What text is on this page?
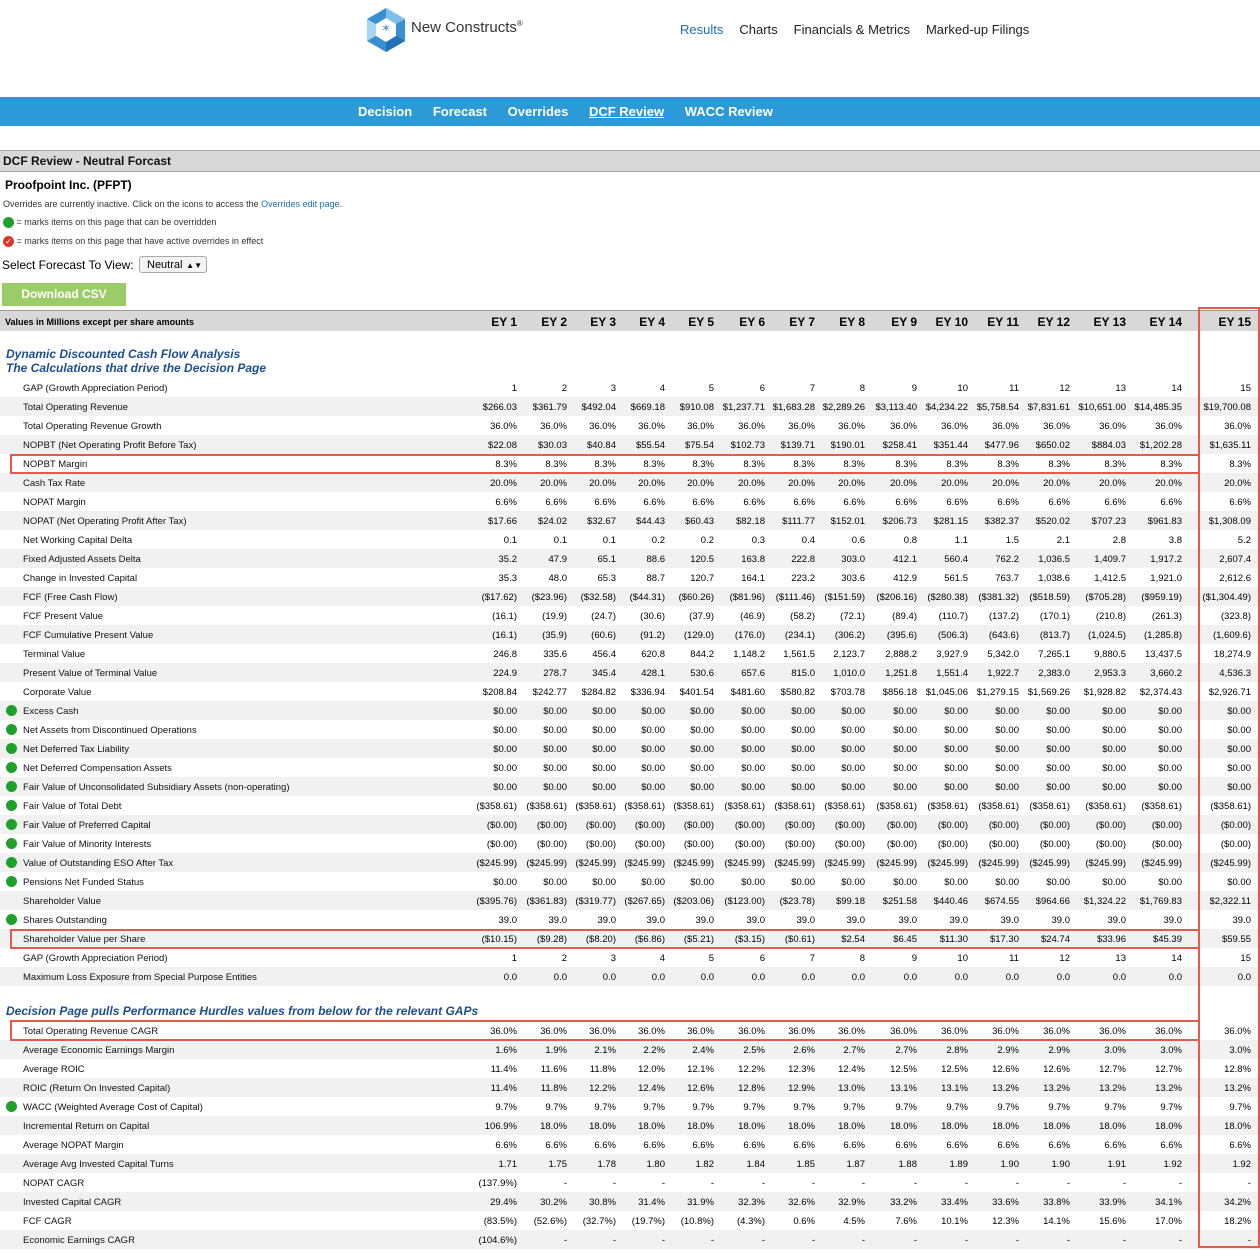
* New Constructs®	Results Charts Financials & Metrics Marked-up Filings
Decision Forecast Overrides DCF Review WACC Review
DCF Review - Neutral Forcast
Proofpoint Inc. (PFPT)
Overrides are currently inactive. Click on the icons to access the Overrides edit page.
= marks items on this page that can be overridden
✓ = marks items on this page that have active overrides in effect
Select Forecast To View:	Neutral ▲▼
Download CSV
Values in Millions except per share amounts	EY 1	EY 2	EY 3	EY 4	EY 5	EY 6	EY 7	EY 8	EY 9	EY 10	EY 11	EY 12	EY 13	EY 14	EY 15
Dynamic Discounted Cash Flow Analysis
The Calculations that drive the Decision Page
Decision Page pulls Performance Hurdles values from below for the relevant GAPs
GAP (Growth Appreciation Period)	1	2	3	4	5	6	7	8	9	10	11	12	13	14	15
Total Operating Revenue	$266.03	$361.79	$492.04	$669.18	$910.08 $1,237.71 $1,683.28 $2,289.26	$3,113.40 $4,234.22 $5,758.54 $7,831.61 $10,651.00 $14,485.35	$19,700.08
Total Operating Revenue Growth	36.0%	36.0%	36.0%	36.0%	36.0%	36.0%	36.0%	36.0%	36.0%	36.0%	36.0%	36.0%	36.0%	36.0%	36.0%
NOPBT (Net Operating Profit Before Tax)	$22.08	$30.03	$40.84	$55.54	$75.54	$102.73	$139.71	$190.01	$258.41	$351.44	$477.96	$650.02	$884.03	$1,202.28	$1,635.11
NOPBT Margin	8.3%	8.3%	8.3%	8.3%	8.3%	8.3%	8.3%	8.3%	8.3%	8.3%	8.3%	8.3%	8.3%	8.3%	8.3%
Cash Tax Rate	20.0%	20.0%	20.0%	20.0%	20.0%	20.0%	20.0%	20.0%	20.0%	20.0%	20.0%	20.0%	20.0%	20.0%	20.0%
NOPAT Margin	6.6%	6.6%	6.6%	6.6%	6.6%	6.6%	6.6%	6.6%	6.6%	6.6%	6.6%	6.6%	6.6%	6.6%	6.6%
NOPAT (Net Operating Profit After Tax)	$17.66	$24.02	$32.67	$44.43	$60.43	$82.18	$111.77	$152.01	$206.73	$281.15	$382.37	$520.02	$707.23	$961.83	$1,308.09
Net Working Capital Delta	0.1	0.1	0.1	0.2	0.2	0.3	0.4	0.6	0.8	1.1	1.5	2.1	2.8	3.8	5.2
Fixed Adjusted Assets Delta	35.2	47.9	65.1	88.6	120.5	163.8	222.8	303.0	412.1	560.4	762.2	1,036.5	1,409.7	1,917.2	2,607.4
Change in Invested Capital	35.3	48.0	65.3	88.7	120.7	164.1	223.2	303.6	412.9	561.5	763.7	1,038.6	1,412.5	1,921.0	2,612.6
FCF (Free Cash Flow)	($17.62)	($23.96)	($32.58)	($44.31)	($60.26)	($81.96)	($111.46) ($151.59)	($206.16)	($280.38)	($381.32)	($518.59)	($705.28)	($959.19)	($1,304.49)
FCF Present Value	(16.1)	(19.9)	(24.7)	(30.6)	(37.9)	(46.9)	(58.2)	(72.1)	(89.4)	(110.7)	(137.2)	(170.1)	(210.8)	(261.3)	(323.8)
FCF Cumulative Present Value	(16.1)	(35.9)	(60.6)	(91.2)	(129.0)	(176.0)	(234.1)	(306.2)	(395.6)	(506.3)	(643.6)	(813.7)	(1,024.5)	(1,285.8)	(1,609.6)
Terminal Value	246.8	335.6	456.4	620.8	844.2	1,148.2	1,561.5	2,123.7	2,888.2	3,927.9	5,342.0	7,265.1	9,880.5	13,437.5	18,274.9
Present Value of Terminal Value	224.9	278.7	345.4	428.1	530.6	657.6	815.0	1,010.0	1,251.8	1,551.4	1,922.7	2,383.0	2,953.3	3,660.2	4,536.3
Corporate Value	$208.84	$242.77	$284.82	$336.94	$401.54	$481.60	$580.82	$703.78	$856.18 $1,045.06 $1,279.15 $1,569.26	$1,928.82	$2,374.43	$2,926.71
Excess Cash	$0.00	$0.00	$0.00	$0.00	$0.00	$0.00	$0.00	$0.00	$0.00	$0.00	$0.00	$0.00	$0.00	$0.00	$0.00
Net Assets from Discontinued Operations	$0.00	$0.00	$0.00	$0.00	$0.00	$0.00	$0.00	$0.00	$0.00	$0.00	$0.00	$0.00	$0.00	$0.00	$0.00
Net Deferred Tax Liability	$0.00	$0.00	$0.00	$0.00	$0.00	$0.00	$0.00	$0.00	$0.00	$0.00	$0.00	$0.00	$0.00	$0.00	$0.00
Net Deferred Compensation Assets	$0.00	$0.00	$0.00	$0.00	$0.00	$0.00	$0.00	$0.00	$0.00	$0.00	$0.00	$0.00	$0.00	$0.00	$0.00
Fair Value of Unconsolidated Subsidiary Assets (non-operating)	$0.00	$0.00	$0.00	$0.00	$0.00	$0.00	$0.00	$0.00	$0.00	$0.00	$0.00	$0.00	$0.00	$0.00	$0.00
Fair Value of Total Debt	($358.61) ($358.61) ($358.61) ($358.61) ($358.61)	($358.61) ($358.61) ($358.61)	($358.61)	($358.61)	($358.61)	($358.61)	($358.61)	($358.61)	($358.61)
Fair Value of Preferred Capital	($0.00)	($0.00)	($0.00)	($0.00)	($0.00)	($0.00)	($0.00)	($0.00)	($0.00)	($0.00)	($0.00)	($0.00)	($0.00)	($0.00)	($0.00)
Fair Value of Minority Interests	($0.00)	($0.00)	($0.00)	($0.00)	($0.00)	($0.00)	($0.00)	($0.00)	($0.00)	($0.00)	($0.00)	($0.00)	($0.00)	($0.00)	($0.00)
Value of Outstanding ESO After Tax	($245.99) ($245.99) ($245.99) ($245.99) ($245.99)	($245.99) ($245.99) ($245.99)	($245.99)	($245.99)	($245.99)	($245.99)	($245.99)	($245.99)	($245.99)
Pensions Net Funded Status	$0.00	$0.00	$0.00	$0.00	$0.00	$0.00	$0.00	$0.00	$0.00	$0.00	$0.00	$0.00	$0.00	$0.00	$0.00
Shareholder Value	($395.76) ($361.83) ($319.77) ($267.65) ($203.06)	($123.00)	($23.78)	$99.18	$251.58	$440.46	$674.55	$964.66	$1,324.22	$1,769.83	$2,322.11
Shares Outstanding	39.0	39.0	39.0	39.0	39.0	39.0	39.0	39.0	39.0	39.0	39.0	39.0	39.0	39.0	39.0
Shareholder Value per Share	($10.15)	($9.28)	($8.20)	($6.86)	($5.21)	($3.15)	($0.61)	$2.54	$6.45	$11.30	$17.30	$24.74	$33.96	$45.39	$59.55
GAP (Growth Appreciation Period)	1	2	3	4	5	6	7	8	9	10	11	12	13	14	15
Maximum Loss Exposure from Special Purpose Entities	0.0	0.0	0.0	0.0	0.0	0.0	0.0	0.0	0.0	0.0	0.0	0.0	0.0	0.0	0.0
Total Operating Revenue CAGR	36.0%	36.0%	36.0%	36.0%	36.0%	36.0%	36.0%	36.0%	36.0%	36.0%	36.0%	36.0%	36.0%	36.0%	36.0%
Average Economic Earnings Margin	1.6%	1.9%	2.1%	2.2%	2.4%	2.5%	2.6%	2.7%	2.7%	2.8%	2.9%	2.9%	3.0%	3.0%	3.0%
Average ROIC	11.4%	11.6%	11.8%	12.0%	12.1%	12.2%	12.3%	12.4%	12.5%	12.5%	12.6%	12.6%	12.7%	12.7%	12.8%
ROIC (Return On Invested Capital)	11.4%	11.8%	12.2%	12.4%	12.6%	12.8%	12.9%	13.0%	13.1%	13.1%	13.2%	13.2%	13.2%	13.2%	13.2%
WACC (Weighted Average Cost of Capital)	9.7%	9.7%	9.7%	9.7%	9.7%	9.7%	9.7%	9.7%	9.7%	9.7%	9.7%	9.7%	9.7%	9.7%	9.7%
Incremental Return on Capital	106.9%	18.0%	18.0%	18.0%	18.0%	18.0%	18.0%	18.0%	18.0%	18.0%	18.0%	18.0%	18.0%	18.0%	18.0%
Average NOPAT Margin	6.6%	6.6%	6.6%	6.6%	6.6%	6.6%	6.6%	6.6%	6.6%	6.6%	6.6%	6.6%	6.6%	6.6%	6.6%
Average Avg Invested Capital Turns	1.71	1.75	1.78	1.80	1.82	1.84	1.85	1.87	1.88	1.89	1.90	1.90	1.91	1.92	1.92
NOPAT CAGR	(137.9%)	-	-	-	-	-	-	-	-	-	-	-	-	-	-
Invested Capital CAGR	29.4%	30.2%	30.8%	31.4%	31.9%	32.3%	32.6%	32.9%	33.2%	33.4%	33.6%	33.8%	33.9%	34.1%	34.2%
FCF CAGR	(83.5%)	(52.6%)	(32.7%)	(19.7%)	(10.8%)	(4.3%)	0.6%	4.5%	7.6%	10.1%	12.3%	14.1%	15.6%	17.0%	18.2%
Economic Earnings CAGR	(104.6%)	-	-	-	-	-	-	-	-	-	-	-	-	-	-
